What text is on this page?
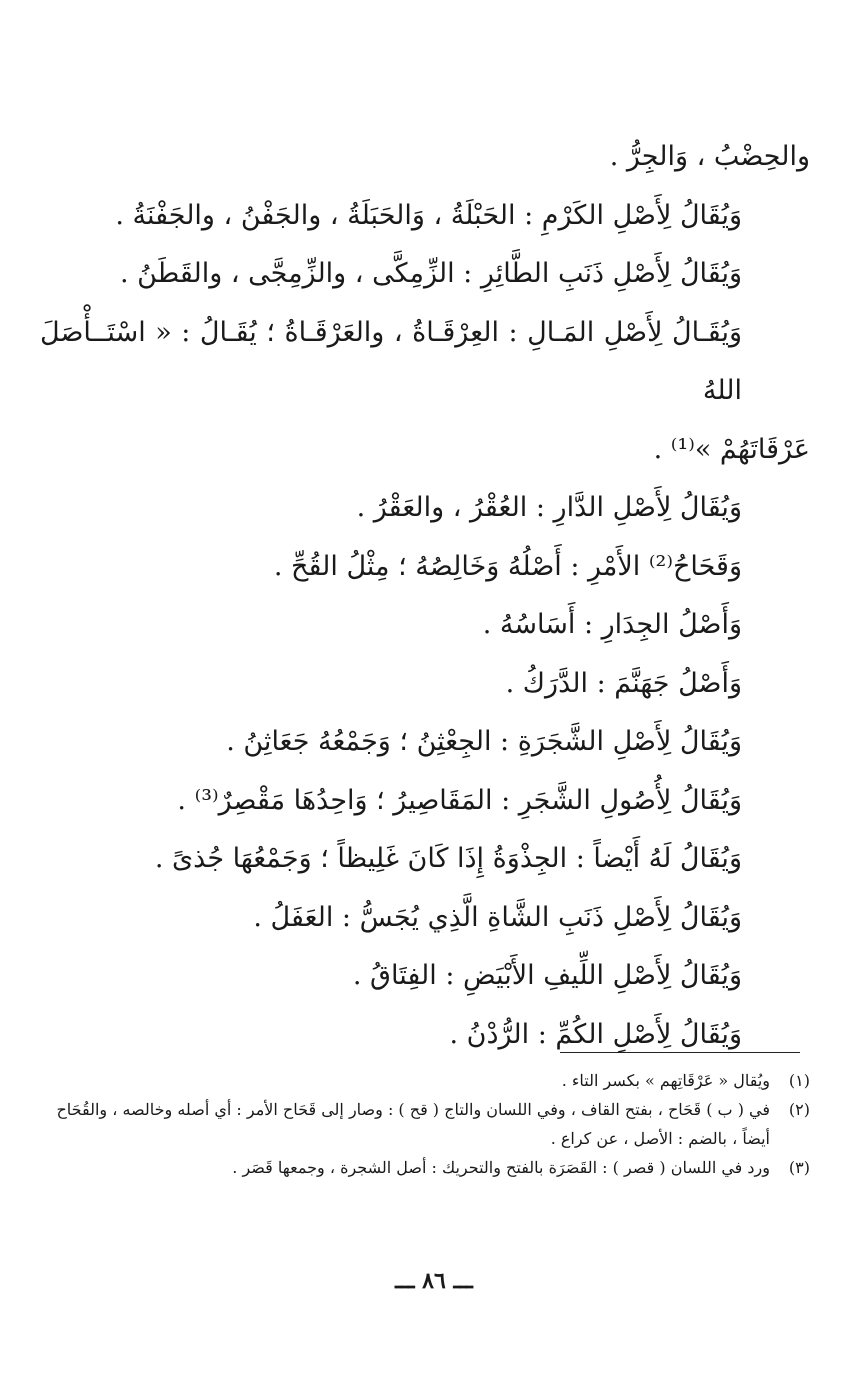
والحِضْبُ ، وَالجِرُّ .

وَيُقَالُ لِأَصْلِ الكَرْمِ : الحَبْلَةُ ، وَالحَبَلَةُ ، والجَفْنُ ، والجَفْنَةُ .

وَيُقَالُ لِأَصْلِ ذَنَبِ الطَّائِرِ : الزِّمِكَّى ، والزِّمِجَّى ، والقَطَنُ .

وَيُقَـالُ لِأَصْلِ المَـالِ : العِرْقَـاةُ ، والعَرْقَـاةُ ؛ يُقَـالُ : « اسْتَــأْصَلَ اللهُ

عَرْقَاتَهُمْ »⁽¹⁾ .

وَيُقَالُ لِأَصْلِ الدَّارِ : العُقْرُ ، والعَقْرُ .

وَقَحَاحُ⁽²⁾ الأَمْرِ : أَصْلُهُ وَخَالِصُهُ ؛ مِثْلُ القُحِّ .

وَأَصْلُ الجِدَارِ : أَسَاسُهُ .

وَأَصْلُ جَهَنَّمَ : الدَّرَكُ .

وَيُقَالُ لِأَصْلِ الشَّجَرَةِ : الجِعْثِنُ ؛ وَجَمْعُهُ جَعَاثِنُ .

وَيُقَالُ لِأُصُولِ الشَّجَرِ : المَقَاصِيرُ ؛ وَاحِدُهَا مَقْصِرٌ⁽³⁾ .

وَيُقَالُ لَهُ أَيْضاً : الجِذْوَةُ إِذَا كَانَ غَلِيظاً ؛ وَجَمْعُهَا جُذىً .

وَيُقَالُ لِأَصْلِ ذَنَبِ الشَّاةِ الَّذِي يُجَسُّ : العَفَلُ .

وَيُقَالُ لِأَصْلِ اللِّيفِ الأَبْيَضِ : الفِتَاقُ .

وَيُقَالُ لِأَصْلِ الكُمِّ : الرُّدْنُ .

(١)
ويُقال « عَرْقَاتِهم » بكسر التاء .
(٢)
في ( ب ) قَحَاح ، بفتح القاف ، وفي اللسان والتاج ( قح ) : وصار إلى قَحَاح الأمر : أي أصله وخالصه ، والقُحَاح أيضاً ، بالضم : الأصل ، عن كراع .
(٣)
ورد في اللسان ( قصر ) : القَصَرَة بالفتح والتحريك : أصل الشجرة ، وجمعها قَصَر .
ـــ ٨٦ ـــ
